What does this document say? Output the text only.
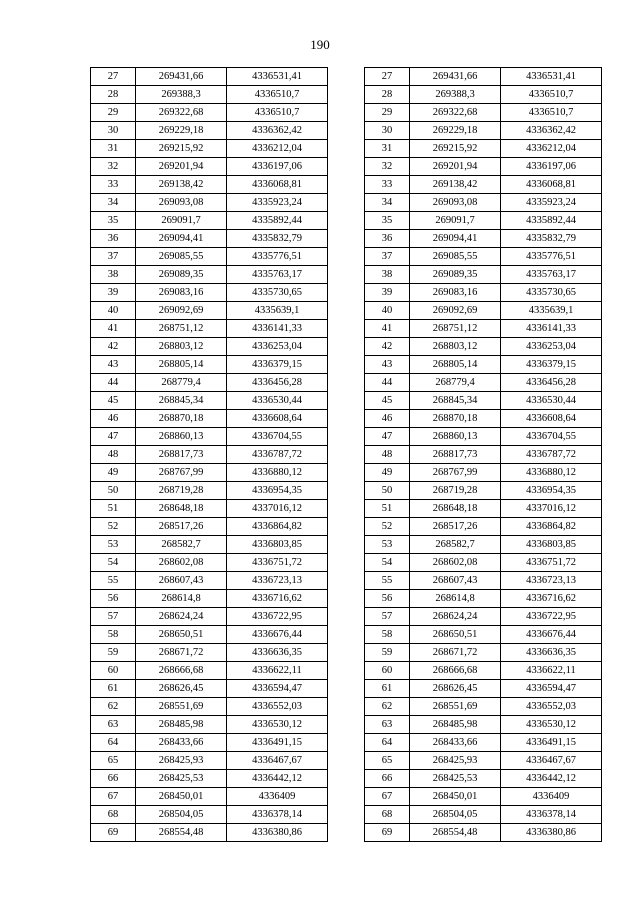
190
27	269431,66	4336531,41
28	269388,3	4336510,7
29	269322,68	4336510,7
30	269229,18	4336362,42
31	269215,92	4336212,04
32	269201,94	4336197,06
33	269138,42	4336068,81
34	269093,08	4335923,24
35	269091,7	4335892,44
36	269094,41	4335832,79
37	269085,55	4335776,51
38	269089,35	4335763,17
39	269083,16	4335730,65
40	269092,69	4335639,1
41	268751,12	4336141,33
42	268803,12	4336253,04
43	268805,14	4336379,15
44	268779,4	4336456,28
45	268845,34	4336530,44
46	268870,18	4336608,64
47	268860,13	4336704,55
48	268817,73	4336787,72
49	268767,99	4336880,12
50	268719,28	4336954,35
51	268648,18	4337016,12
52	268517,26	4336864,82
53	268582,7	4336803,85
54	268602,08	4336751,72
55	268607,43	4336723,13
56	268614,8	4336716,62
57	268624,24	4336722,95
58	268650,51	4336676,44
59	268671,72	4336636,35
60	268666,68	4336622,11
61	268626,45	4336594,47
62	268551,69	4336552,03
63	268485,98	4336530,12
64	268433,66	4336491,15
65	268425,93	4336467,67
66	268425,53	4336442,12
67	268450,01	4336409
68	268504,05	4336378,14
69	268554,48	4336380,86
27	269431,66	4336531,41
28	269388,3	4336510,7
29	269322,68	4336510,7
30	269229,18	4336362,42
31	269215,92	4336212,04
32	269201,94	4336197,06
33	269138,42	4336068,81
34	269093,08	4335923,24
35	269091,7	4335892,44
36	269094,41	4335832,79
37	269085,55	4335776,51
38	269089,35	4335763,17
39	269083,16	4335730,65
40	269092,69	4335639,1
41	268751,12	4336141,33
42	268803,12	4336253,04
43	268805,14	4336379,15
44	268779,4	4336456,28
45	268845,34	4336530,44
46	268870,18	4336608,64
47	268860,13	4336704,55
48	268817,73	4336787,72
49	268767,99	4336880,12
50	268719,28	4336954,35
51	268648,18	4337016,12
52	268517,26	4336864,82
53	268582,7	4336803,85
54	268602,08	4336751,72
55	268607,43	4336723,13
56	268614,8	4336716,62
57	268624,24	4336722,95
58	268650,51	4336676,44
59	268671,72	4336636,35
60	268666,68	4336622,11
61	268626,45	4336594,47
62	268551,69	4336552,03
63	268485,98	4336530,12
64	268433,66	4336491,15
65	268425,93	4336467,67
66	268425,53	4336442,12
67	268450,01	4336409
68	268504,05	4336378,14
69	268554,48	4336380,86
